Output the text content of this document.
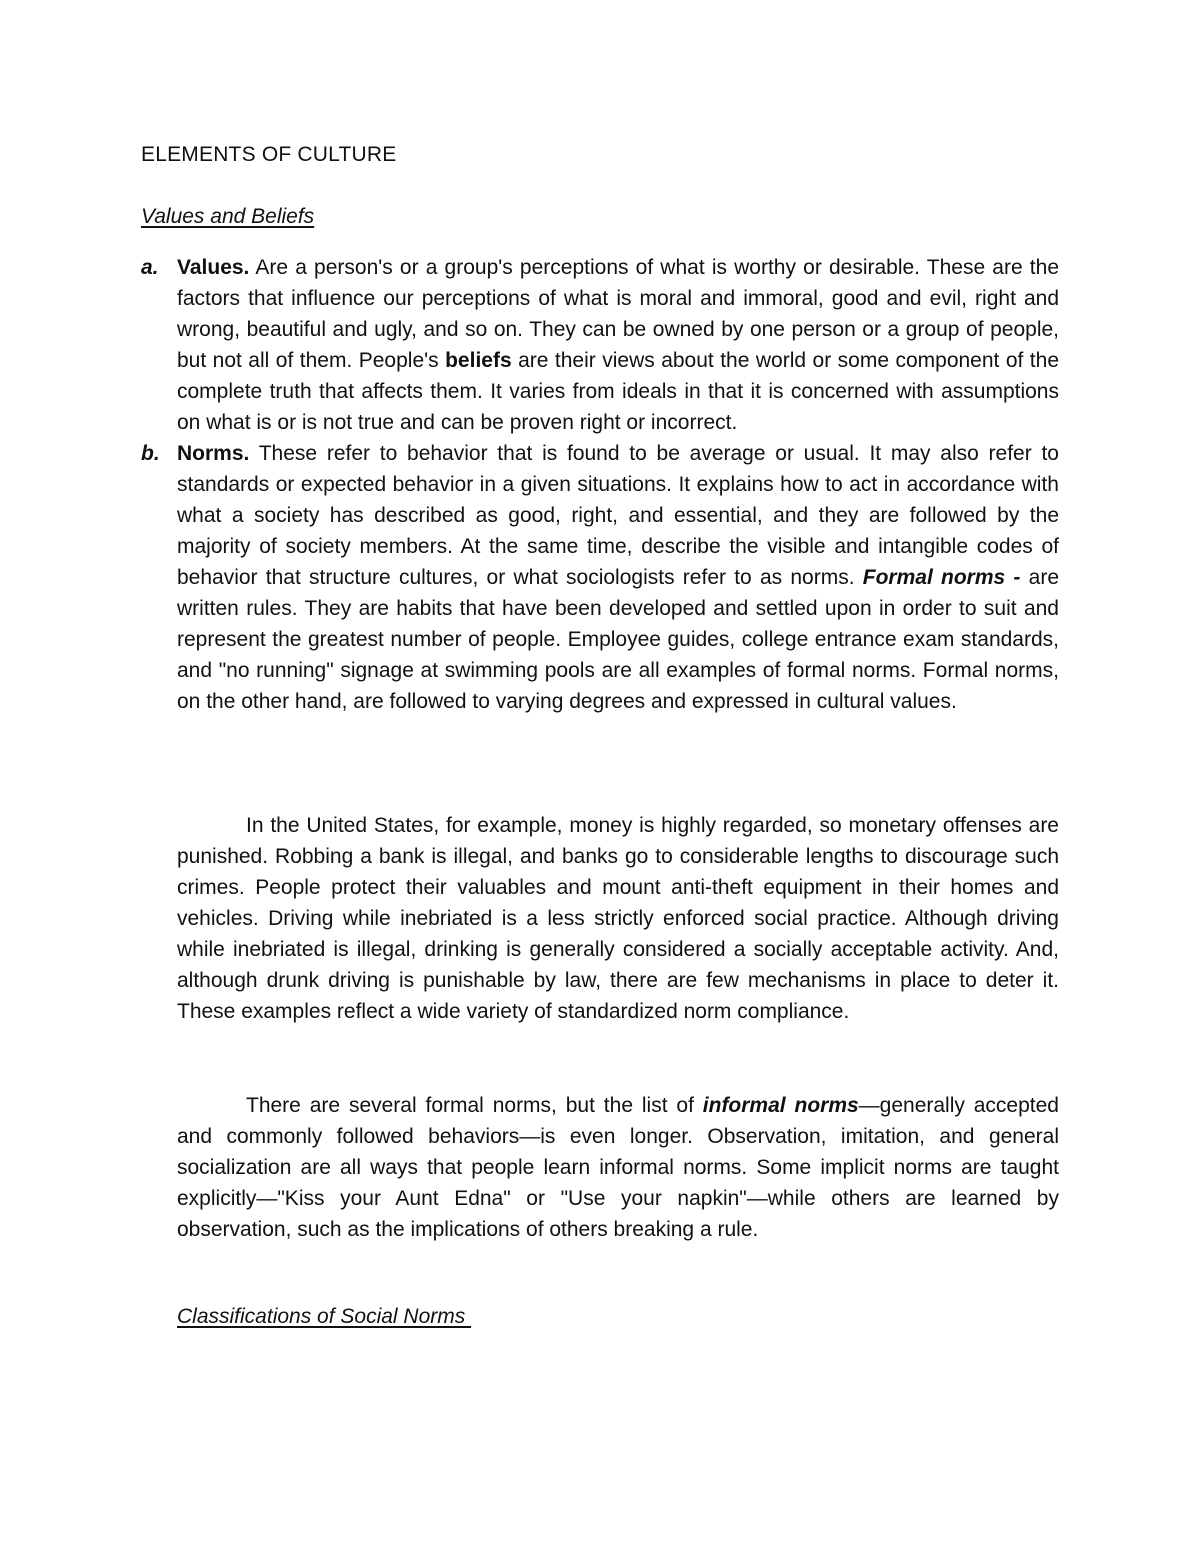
ELEMENTS OF CULTURE
Values and Beliefs
a. Values. Are a person's or a group's perceptions of what is worthy or desirable. These are the factors that influence our perceptions of what is moral and immoral, good and evil, right and wrong, beautiful and ugly, and so on. They can be owned by one person or a group of people, but not all of them. People's beliefs are their views about the world or some component of the complete truth that affects them. It varies from ideals in that it is concerned with assumptions on what is or is not true and can be proven right or incorrect.
b. Norms. These refer to behavior that is found to be average or usual. It may also refer to standards or expected behavior in a given situations. It explains how to act in accordance with what a society has described as good, right, and essential, and they are followed by the majority of society members. At the same time, describe the visible and intangible codes of behavior that structure cultures, or what sociologists refer to as norms. Formal norms - are written rules. They are habits that have been developed and settled upon in order to suit and represent the greatest number of people. Employee guides, college entrance exam standards, and "no running" signage at swimming pools are all examples of formal norms. Formal norms, on the other hand, are followed to varying degrees and expressed in cultural values.
In the United States, for example, money is highly regarded, so monetary offenses are punished. Robbing a bank is illegal, and banks go to considerable lengths to discourage such crimes. People protect their valuables and mount anti-theft equipment in their homes and vehicles. Driving while inebriated is a less strictly enforced social practice. Although driving while inebriated is illegal, drinking is generally considered a socially acceptable activity. And, although drunk driving is punishable by law, there are few mechanisms in place to deter it. These examples reflect a wide variety of standardized norm compliance.
There are several formal norms, but the list of informal norms—generally accepted and commonly followed behaviors—is even longer. Observation, imitation, and general socialization are all ways that people learn informal norms. Some implicit norms are taught explicitly—"Kiss your Aunt Edna" or "Use your napkin"—while others are learned by observation, such as the implications of others breaking a rule.
Classifications of Social Norms
